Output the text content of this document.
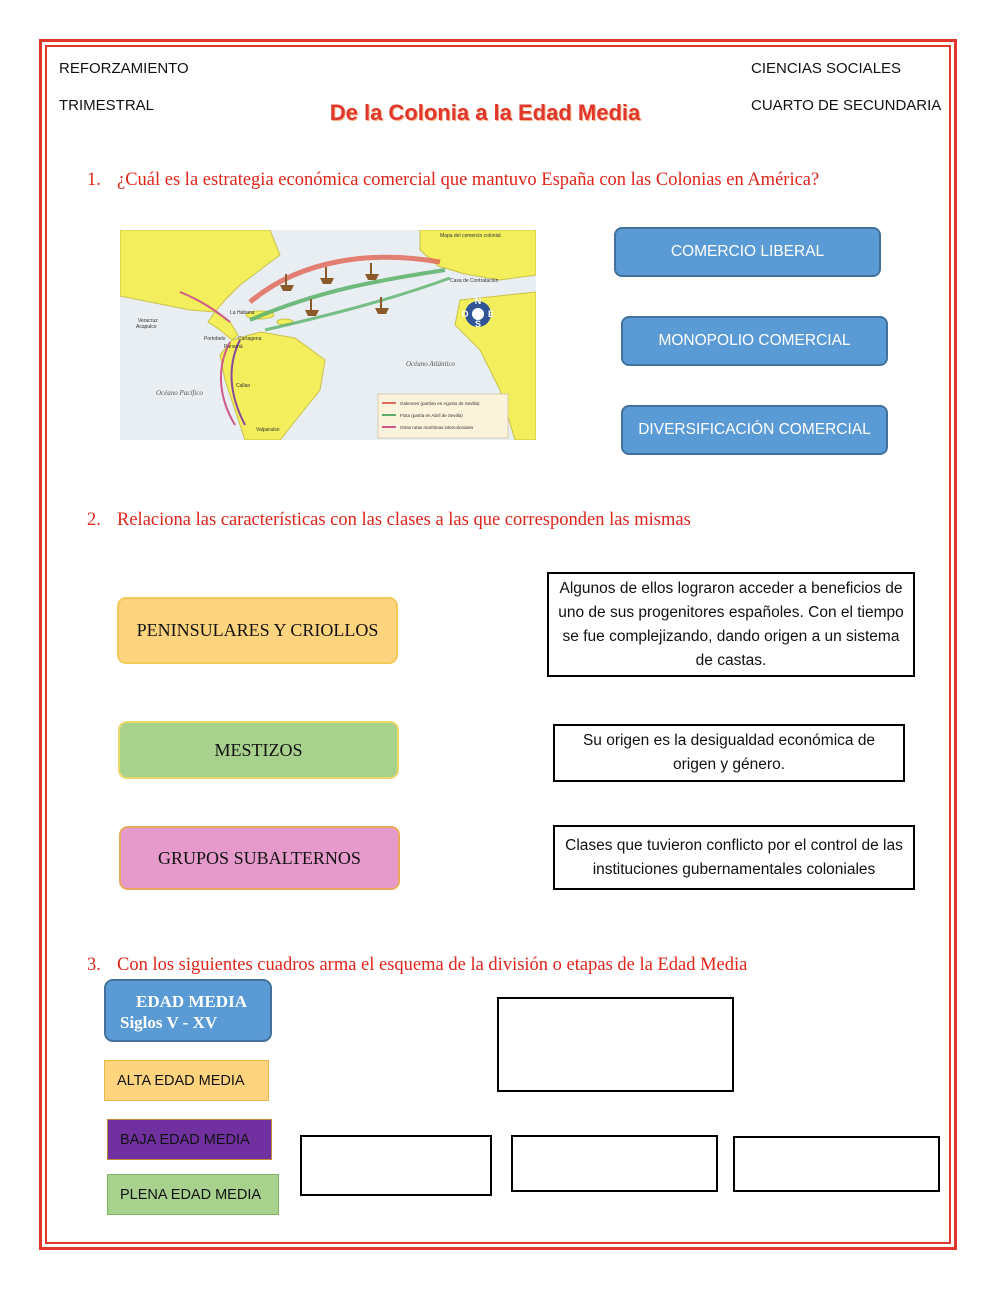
REFORZAMIENTO
TRIMESTRAL
CIENCIAS SOCIALES
CUARTO DE SECUNDARIA
De la Colonia a la Edad Media
1. ¿Cuál es la estrategia económica comercial que mantuvo España con las Colonias en América?
N
O E
S
Mapa del comercio colonial
Casa de Contratación
Océano Atlántico
Océano Pacífico
Veracruz
Acapulco
La Habana
Portobelo	Cartagena
Panamá
Callao
Valparaíso
Galeones (partían en Agosto de Sevilla)
Flota (partía en Abril de Sevilla)
Otras rutas marítimas intercoloniales
COMERCIO LIBERAL
MONOPOLIO COMERCIAL
DIVERSIFICACIÓN COMERCIAL
2. Relaciona las características con las clases a las que corresponden las mismas
PENINSULARES Y CRIOLLOS
MESTIZOS
GRUPOS SUBALTERNOS
Algunos de ellos lograron acceder a beneficios de uno de sus progenitores españoles. Con el tiempo se fue complejizando, dando origen a un sistema de castas.
Su origen es la desigualdad económica de origen y género.
Clases que tuvieron conflicto por el control de las instituciones gubernamentales coloniales
3. Con los siguientes cuadros arma el esquema de la división o etapas de la Edad Media
EDAD MEDIA
Siglos V - XV
ALTA EDAD MEDIA
BAJA EDAD MEDIA
PLENA EDAD MEDIA
